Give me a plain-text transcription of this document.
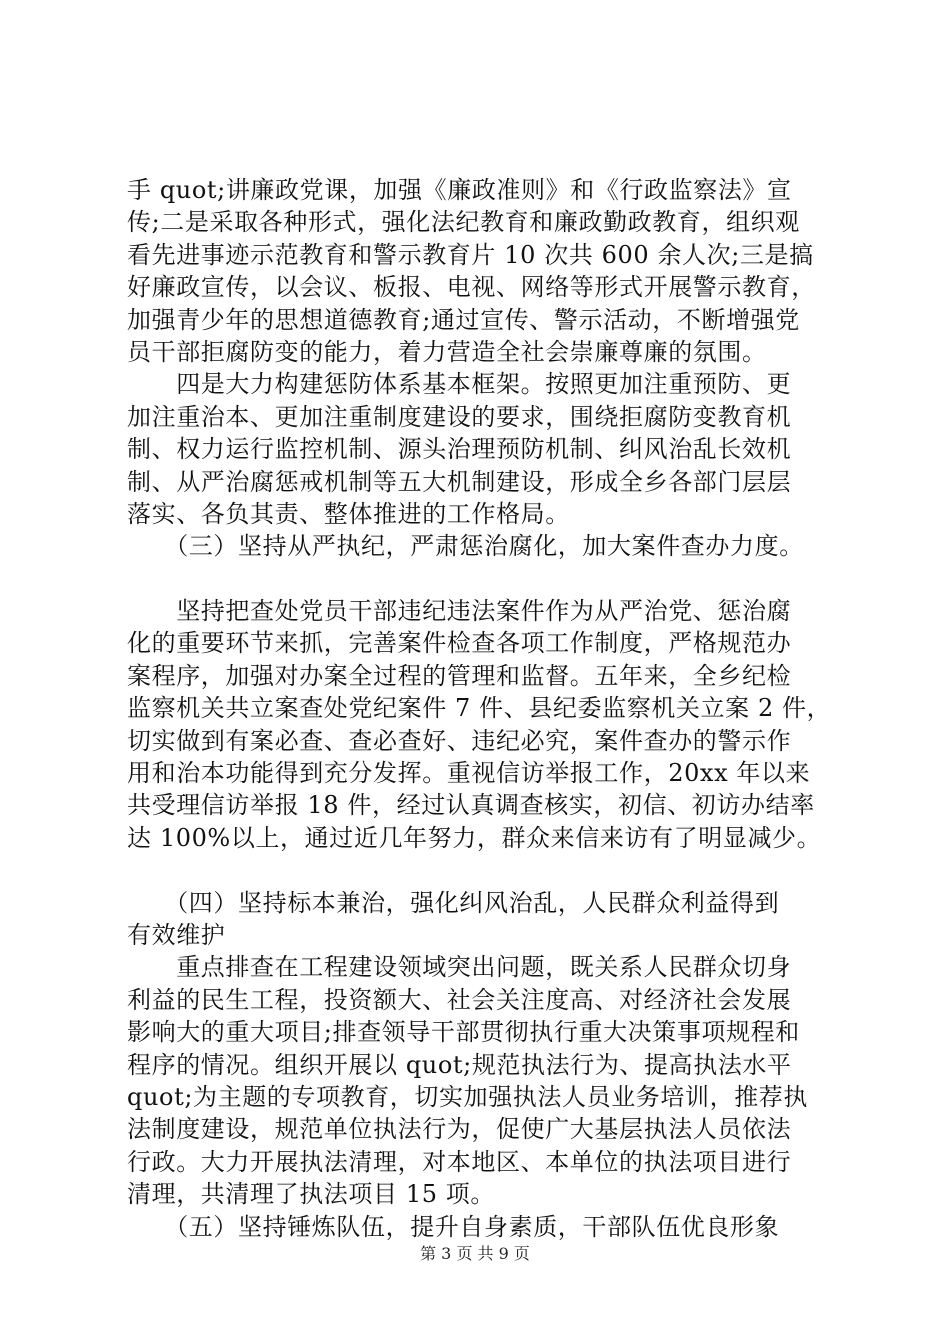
手 quot;讲廉政党课，加强《廉政准则》和《行政监察法》宣
传;二是采取各种形式，强化法纪教育和廉政勤政教育，组织观
看先进事迹示范教育和警示教育片 10 次共 600 余人次;三是搞
好廉政宣传，以会议、板报、电视、网络等形式开展警示教育，
加强青少年的思想道德教育;通过宣传、警示活动，不断增强党
员干部拒腐防变的能力，着力营造全社会崇廉尊廉的氛围。
　　四是大力构建惩防体系基本框架。按照更加注重预防、更
加注重治本、更加注重制度建设的要求，围绕拒腐防变教育机
制、权力运行监控机制、源头治理预防机制、纠风治乱长效机
制、从严治腐惩戒机制等五大机制建设，形成全乡各部门层层
落实、各负其责、整体推进的工作格局。
　　（三）坚持从严执纪，严肃惩治腐化，加大案件查办力度。
　　坚持把查处党员干部违纪违法案件作为从严治党、惩治腐
化的重要环节来抓，完善案件检查各项工作制度，严格规范办
案程序，加强对办案全过程的管理和监督。五年来，全乡纪检
监察机关共立案查处党纪案件 7 件、县纪委监察机关立案 2 件，
切实做到有案必查、查必查好、违纪必究，案件查办的警示作
用和治本功能得到充分发挥。重视信访举报工作，20xx 年以来
共受理信访举报 18 件，经过认真调查核实，初信、初访办结率
达 100%以上，通过近几年努力，群众来信来访有了明显减少。
　　（四）坚持标本兼治，强化纠风治乱，人民群众利益得到
有效维护
　　重点排查在工程建设领域突出问题，既关系人民群众切身
利益的民生工程，投资额大、社会关注度高、对经济社会发展
影响大的重大项目;排查领导干部贯彻执行重大决策事项规程和
程序的情况。组织开展以 quot;规范执法行为、提高执法水平
quot;为主题的专项教育，切实加强执法人员业务培训，推荐执
法制度建设，规范单位执法行为，促使广大基层执法人员依法
行政。大力开展执法清理，对本地区、本单位的执法项目进行
清理，共清理了执法项目 15 项。
　　（五）坚持锤炼队伍，提升自身素质，干部队伍优良形象
第 3 页 共 9 页
